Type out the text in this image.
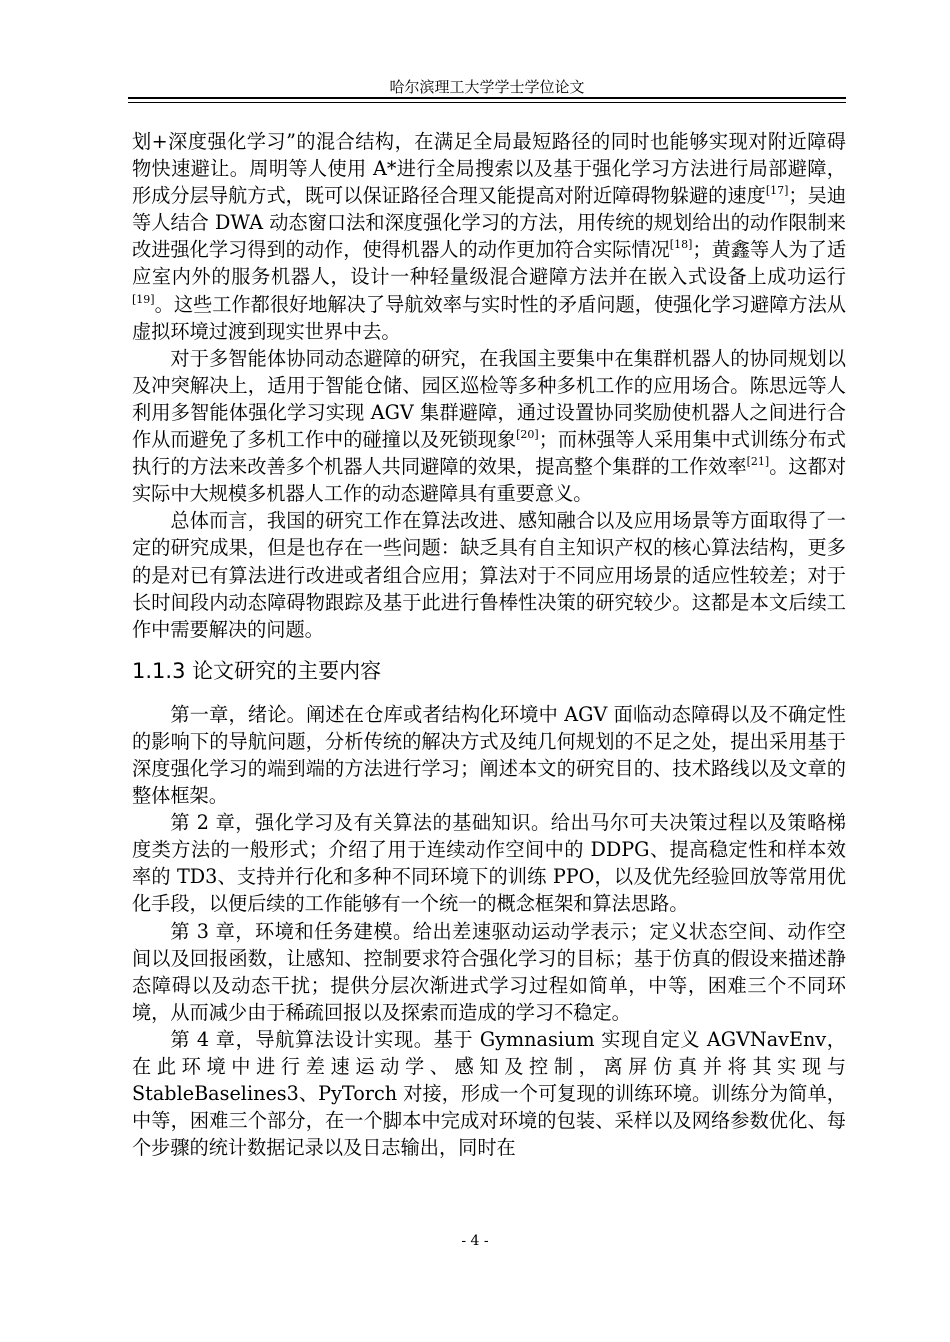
哈尔滨理工大学学士学位论文

划+深度强化学习”的混合结构，在满足全局最短路径的同时也能够实现对附近障碍物快速避让。周明等人使用 A*进行全局搜索以及基于强化学习方法进行局部避障，形成分层导航方式，既可以保证路径合理又能提高对附近障碍物躲避的速度[17]；吴迪等人结合 DWA 动态窗口法和深度强化学习的方法，用传统的规划给出的动作限制来改进强化学习得到的动作，使得机器人的动作更加符合实际情况[18]；黄鑫等人为了适应室内外的服务机器人，设计一种轻量级混合避障方法并在嵌入式设备上成功运行[19]。这些工作都很好地解决了导航效率与实时性的矛盾问题，使强化学习避障方法从虚拟环境过渡到现实世界中去。

对于多智能体协同动态避障的研究，在我国主要集中在集群机器人的协同规划以及冲突解决上，适用于智能仓储、园区巡检等多种多机工作的应用场合。陈思远等人利用多智能体强化学习实现 AGV 集群避障，通过设置协同奖励使机器人之间进行合作从而避免了多机工作中的碰撞以及死锁现象[20]；而林强等人采用集中式训练分布式执行的方法来改善多个机器人共同避障的效果，提高整个集群的工作效率[21]。这都对实际中大规模多机器人工作的动态避障具有重要意义。

总体而言，我国的研究工作在算法改进、感知融合以及应用场景等方面取得了一定的研究成果，但是也存在一些问题：缺乏具有自主知识产权的核心算法结构，更多的是对已有算法进行改进或者组合应用；算法对于不同应用场景的适应性较差；对于长时间段内动态障碍物跟踪及基于此进行鲁棒性决策的研究较少。这都是本文后续工作中需要解决的问题。

1.1.3 论文研究的主要内容

第一章，绪论。阐述在仓库或者结构化环境中 AGV 面临动态障碍以及不确定性的影响下的导航问题，分析传统的解决方式及纯几何规划的不足之处，提出采用基于深度强化学习的端到端的方法进行学习；阐述本文的研究目的、技术路线以及文章的整体框架。

第 2 章，强化学习及有关算法的基础知识。给出马尔可夫决策过程以及策略梯度类方法的一般形式；介绍了用于连续动作空间中的 DDPG、提高稳定性和样本效率的 TD3、支持并行化和多种不同环境下的训练 PPO，以及优先经验回放等常用优化手段，以便后续的工作能够有一个统一的概念框架和算法思路。

第 3 章，环境和任务建模。给出差速驱动运动学表示；定义状态空间、动作空间以及回报函数，让感知、控制要求符合强化学习的目标；基于仿真的假设来描述静态障碍以及动态干扰；提供分层次渐进式学习过程如简单，中等，困难三个不同环境，从而减少由于稀疏回报以及探索而造成的学习不稳定。

第 4 章，导航算法设计实现。基于 Gymnasium 实现自定义 AGVNavEnv，在此环境中进行差速运动学、感知及控制，离屏仿真并将其实现与 StableBaselines3、PyTorch 对接，形成一个可复现的训练环境。训练分为简单，中等，困难三个部分，在一个脚本中完成对环境的包装、采样以及网络参数优化、每个步骤的统计数据记录以及日志输出，同时在

- 4 -
